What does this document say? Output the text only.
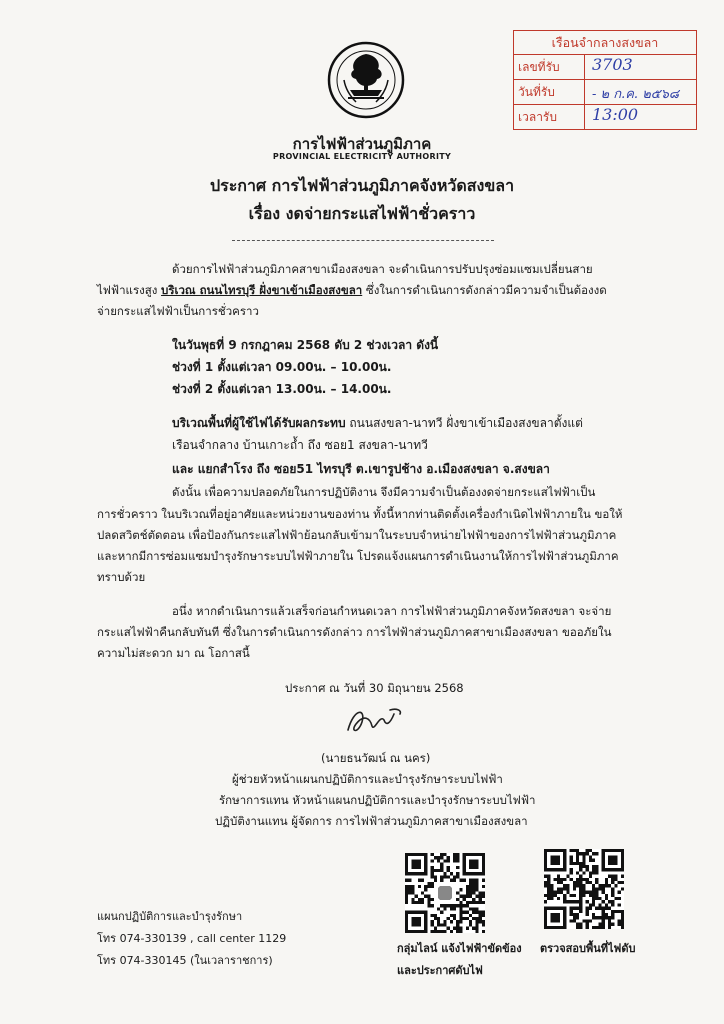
เรือนจำกลางสงขลา
เลขที่รับ 3703
วันที่รับ	- ๒ ก.ค. ๒๕๖๘
เวลารับ 13:00
การไฟฟ้าส่วนภูมิภาค
PROVINCIAL ELECTRICITY AUTHORITY
ประกาศ การไฟฟ้าส่วนภูมิภาคจังหวัดสงขลา
เรื่อง งดจ่ายกระแสไฟฟ้าชั่วคราว
ด้วยการไฟฟ้าส่วนภูมิภาคสาขาเมืองสงขลา จะดำเนินการปรับปรุงซ่อมแซมเปลี่ยนสาย
ไฟฟ้าแรงสูง บริเวณ ถนนไทรบุรี ฝั่งขาเข้าเมืองสงขลา ซึ่งในการดำเนินการดังกล่าวมีความจำเป็นต้องงด
จ่ายกระแสไฟฟ้าเป็นการชั่วคราว
ในวันพุธที่ 9 กรกฎาคม 2568 ดับ 2 ช่วงเวลา ดังนี้
ช่วงที่ 1 ตั้งแต่เวลา 09.00น. – 10.00น.
ช่วงที่ 2 ตั้งแต่เวลา 13.00น. – 14.00น.
บริเวณพื้นที่ผู้ใช้ไฟได้รับผลกระทบ ถนนสงขลา-นาทวี ฝั่งขาเข้าเมืองสงขลาตั้งแต่
เรือนจำกลาง บ้านเกาะถ้ำ ถึง ซอย1 สงขลา-นาทวี
และ แยกสำโรง ถึง ซอย51 ไทรบุรี ต.เขารูปช้าง อ.เมืองสงขลา จ.สงขลา
ดังนั้น เพื่อความปลอดภัยในการปฏิบัติงาน จึงมีความจำเป็นต้องงดจ่ายกระแสไฟฟ้าเป็น
การชั่วคราว ในบริเวณที่อยู่อาศัยและหน่วยงานของท่าน ทั้งนี้หากท่านติดตั้งเครื่องกำเนิดไฟฟ้าภายใน ขอให้
ปลดสวิตช์ตัดตอน เพื่อป้องกันกระแสไฟฟ้าย้อนกลับเข้ามาในระบบจำหน่ายไฟฟ้าของการไฟฟ้าส่วนภูมิภาค
และหากมีการซ่อมแซมบำรุงรักษาระบบไฟฟ้าภายใน โปรดแจ้งแผนการดำเนินงานให้การไฟฟ้าส่วนภูมิภาค
ทราบด้วย
อนึ่ง หากดำเนินการแล้วเสร็จก่อนกำหนดเวลา การไฟฟ้าส่วนภูมิภาคจังหวัดสงขลา จะจ่าย
กระแสไฟฟ้าคืนกลับทันที ซึ่งในการดำเนินการดังกล่าว การไฟฟ้าส่วนภูมิภาคสาขาเมืองสงขลา ขออภัยใน
ความไม่สะดวก มา ณ โอกาสนี้
ประกาศ ณ วันที่ 30 มิถุนายน 2568
(นายธนวัฒน์ ณ นคร)
ผู้ช่วยหัวหน้าแผนกปฏิบัติการและบำรุงรักษาระบบไฟฟ้า
รักษาการแทน หัวหน้าแผนกปฏิบัติการและบำรุงรักษาระบบไฟฟ้า
ปฏิบัติงานแทน ผู้จัดการ การไฟฟ้าส่วนภูมิภาคสาขาเมืองสงขลา
กลุ่มไลน์ แจ้งไฟฟ้าขัดข้อง
และประกาศดับไฟ
ตรวจสอบพื้นที่ไฟดับ
แผนกปฏิบัติการและบำรุงรักษา
โทร 074-330139 , call center 1129
โทร 074-330145 (ในเวลาราชการ)
